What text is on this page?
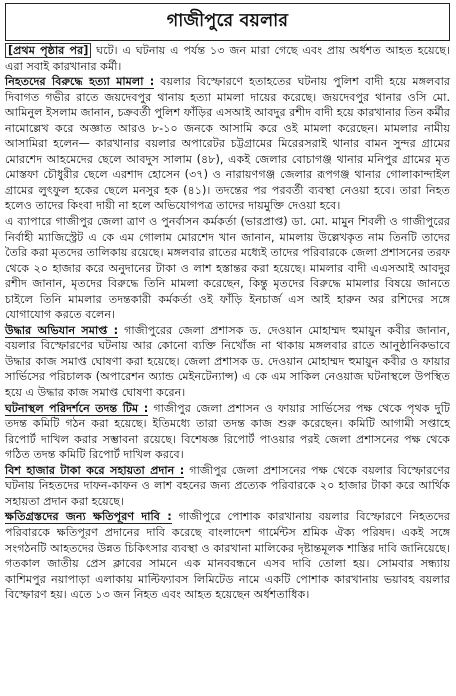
গাজীপুরে বয়লার

[প্রথম পৃষ্ঠার পর] ঘটে। এ ঘটনায় এ পর্যন্ত ১৩ জন মারা গেছে এবং প্রায় অর্ধশত আহত হয়েছে। এরা সবাই কারখানার কর্মী।

নিহতদের বিরুদ্ধে হত্যা মামলা : বয়লার বিস্ফোরণে হতাহতের ঘটনায় পুলিশ বাদী হয়ে মঙ্গলবার দিবাগত গভীর রাতে জয়দেবপুর থানায় হত্যা মামলা দায়ের করেছে। জয়দেবপুর থানার ওসি মো. আমিনুল ইসলাম জানান, চক্রবর্তী পুলিশ ফাঁড়ির এসআই আবদুর রশীদ বাদী হয়ে কারখানার তিন কর্মীর নামোল্লেখ করে অজ্ঞাত আরও ৮-১০ জনকে আসামি করে ওই মামলা করেছেন। মামলার নামীয় আসামিরা হলেন— কারখানার বয়লার অপারেটর চট্টগ্রামের মিরেরসরাই থানার বামন সুন্দর গ্রামের মোরশেদ আহমেদের ছেলে আবদুস সালাম (৪৮), একই জেলার বোচাগঞ্জ থানার মনিপুর গ্রামের মৃত মোস্তফা চৌধুরীর ছেলে এরশাদ হোসেন (৩৭) ও নারায়ণগঞ্জ জেলার রূপগঞ্জ থানার গোলাকান্দাইল গ্রামের লুৎফুল হকের ছেলে মনসুর হক (৪১)। তদন্তের পর পরবর্তী ব্যবস্থা নেওয়া হবে। তারা নিহত হলেও তাদের কিংবা দায়ী না হলে অভিযোগপত্র তাদের দায়মুক্তি দেওয়া হবে।

এ ব্যাপারে গাজীপুর জেলা ত্রাণ ও পুনর্বাসন কর্মকর্তা (ভারপ্রাপ্ত) ডা. মো. মামুন শিবলী ও গাজীপুরের নির্বাহী ম্যাজিস্ট্রেট এ কে এম গোলাম মোরশেদ খান জানান, মামলায় উল্লেখকৃত নাম তিনটি তাদের তৈরি করা মৃতদের তালিকায় রয়েছে। মঙ্গলবার রাতের মধ্যেই তাদের পরিবারকে জেলা প্রশাসনের তরফ থেকে ২০ হাজার করে অনুদানের টাকা ও লাশ হস্তান্তর করা হয়েছে। মামলার বাদী এএসআই আবদুর রশীদ জানান, মৃতদের বিরুদ্ধে তিনি মামলা করেছেন, কিন্তু মৃতদের বিরুদ্ধে মামলার বিষয়ে জানতে চাইলে তিনি মামলার তদন্তকারী কর্মকর্তা ওই ফাঁড়ি ইনচার্জ এস আই হারুন অর রশিদের সঙ্গে যোগাযোগ করতে বলেন।

উদ্ধার অভিযান সমাপ্ত : গাজীপুরের জেলা প্রশাসক ড. দেওয়ান মোহাম্মদ হুমায়ুন কবীর জানান, বয়লার বিস্ফোরণের ঘটনায় আর কোনো ব্যক্তি নিখোঁজ না থাকায় মঙ্গলবার রাতে আনুষ্ঠানিকভাবে উদ্ধার কাজ সমাপ্ত ঘোষণা করা হয়েছে। জেলা প্রশাসক ড. দেওয়ান মোহাম্মদ হুমায়ুন কবীর ও ফায়ার সার্ভিসের পরিচালক (অপারেশন অ্যান্ড মেইনটেন্যান্স) এ কে এম সাকিল নেওয়াজ ঘটনাস্থলে উপস্থিত হয়ে এ উদ্ধার কাজ সমাপ্ত ঘোষণা করেন।

ঘটনাস্থল পরিদর্শনে তদন্ত টিম : গাজীপুর জেলা প্রশাসন ও ফায়ার সার্ভিসের পক্ষ থেকে পৃথক দুটি তদন্ত কমিটি গঠন করা হয়েছে। ইতিমধ্যে তারা তদন্ত কাজ শুরু করেছেন। কমিটি আগামী সপ্তাহে রিপোর্ট দাখিল করার সম্ভাবনা রয়েছে। বিশেষজ্ঞ রিপোর্ট পাওয়ার পরই জেলা প্রশাসনের পক্ষ থেকে গঠিত তদন্ত কমিটি রিপোর্ট দাখিল করবে।

বিশ হাজার টাকা করে সহায়তা প্রদান : গাজীপুর জেলা প্রশাসনের পক্ষ থেকে বয়লার বিস্ফোরণের ঘটনায় নিহতদের দাফন-কাফন ও লাশ বহনের জন্য প্রত্যেক পরিবারকে ২০ হাজার টাকা করে আর্থিক সহায়তা প্রদান করা হয়েছে।

ক্ষতিগ্রস্তদের জন্য ক্ষতিপূরণ দাবি : গাজীপুরে পোশাক কারখানায় বয়লার বিস্ফোরণে নিহতদের পরিবারকে ক্ষতিপূরণ প্রদানের দাবি করেছে বাংলাদেশ গার্মেন্টস শ্রমিক ঐক্য পরিষদ। একই সঙ্গে সংগঠনটি আহতদের উন্নত চিকিৎসার ব্যবস্থা ও কারখানা মালিকের দৃষ্টান্তমূলক শাস্তির দাবি জানিয়েছে। গতকাল জাতীয় প্রেস ক্লাবের সামনে এক মানববন্ধনে এসব দাবি তোলা হয়। সোমবার সন্ধ্যায় কাশিমপুর নয়াপাড়া এলাকায় মাল্টিফ্যাবস লিমিটেড নামে একটি পোশাক কারখানায় ভয়াবহ বয়লার বিস্ফোরণ হয়। এতে ১৩ জন নিহত এবং আহত হয়েছেন অর্ধশতাধিক।
